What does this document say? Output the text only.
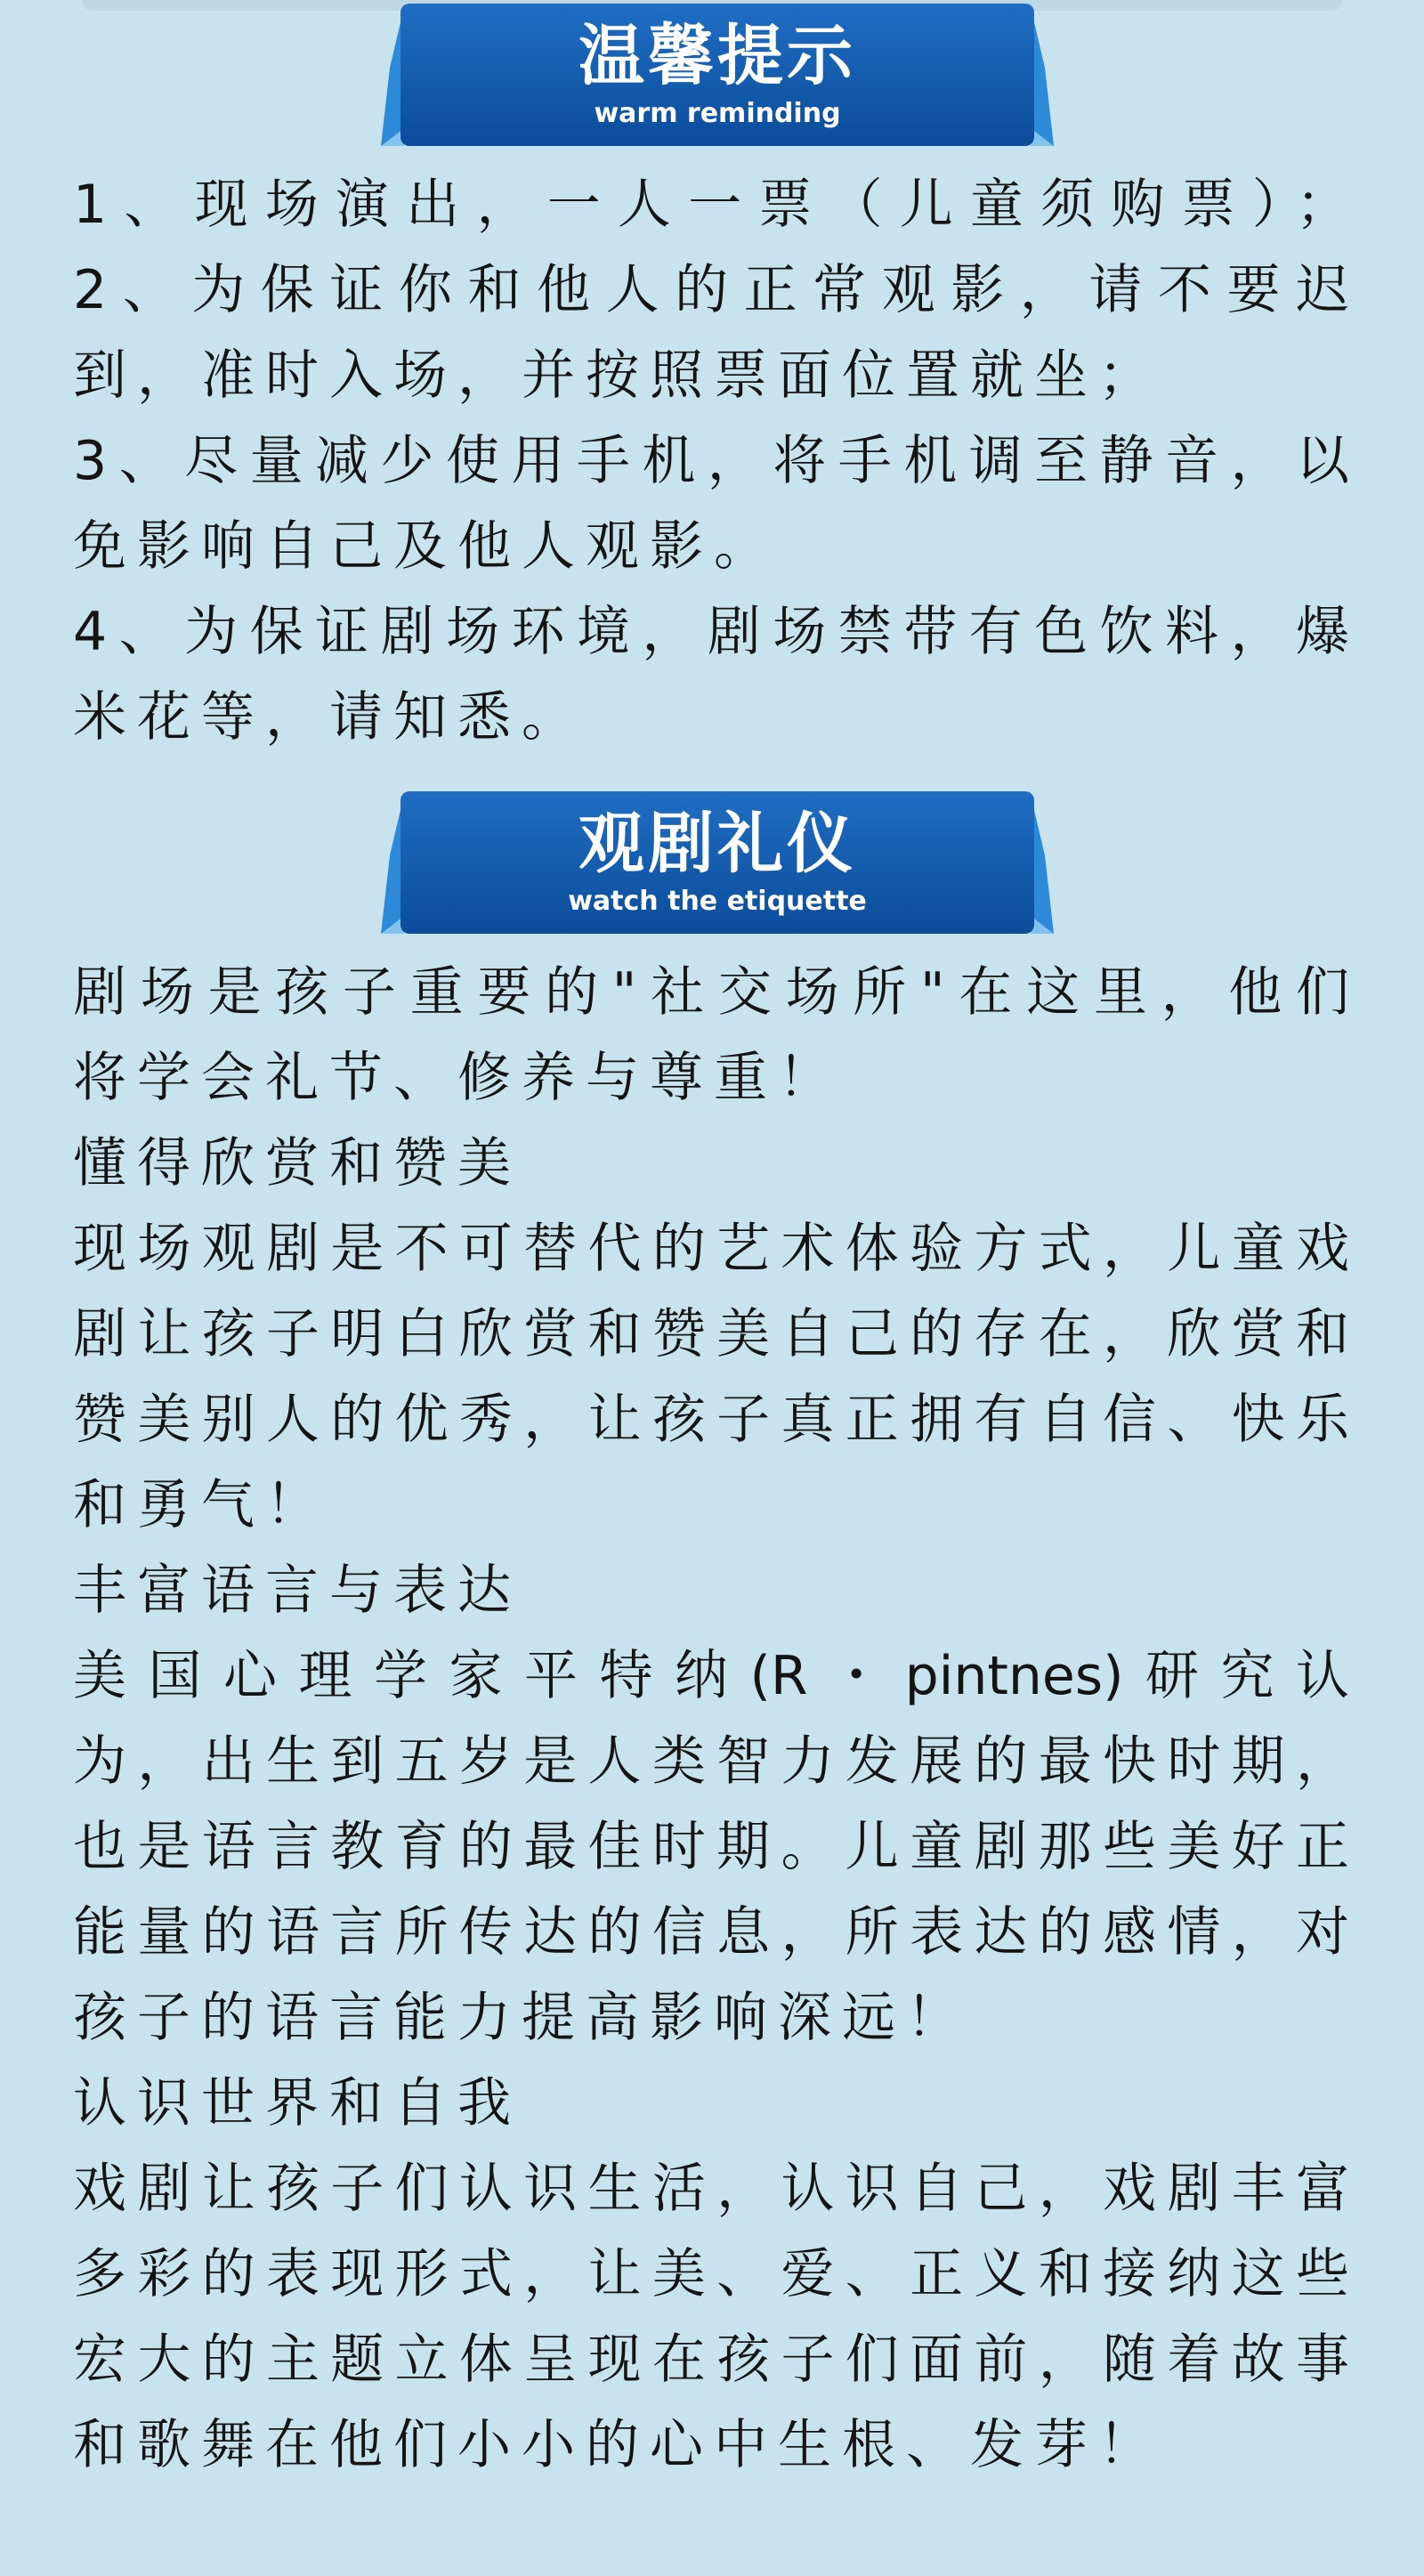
温馨提示
warm reminding
1、现场演出，一人一票（儿童须购票）；
2、为保证你和他人的正常观影，请不要迟
到，准时入场，并按照票面位置就坐；
3、尽量减少使用手机，将手机调至静音，以
免影响自己及他人观影。
4、为保证剧场环境，剧场禁带有色饮料，爆
米花等，请知悉。
观剧礼仪
watch the etiquette
剧场是孩子重要的"社交场所"在这里，他们
将学会礼节、修养与尊重！
懂得欣赏和赞美
现场观剧是不可替代的艺术体验方式，儿童戏
剧让孩子明白欣赏和赞美自己的存在，欣赏和
赞美别人的优秀，让孩子真正拥有自信、快乐
和勇气！
丰富语言与表达
美国心理学家平特纳(R・pintnes)研究认
为，出生到五岁是人类智力发展的最快时期，
也是语言教育的最佳时期。儿童剧那些美好正
能量的语言所传达的信息，所表达的感情，对
孩子的语言能力提高影响深远！
认识世界和自我
戏剧让孩子们认识生活，认识自己，戏剧丰富
多彩的表现形式，让美、爱、正义和接纳这些
宏大的主题立体呈现在孩子们面前，随着故事
和歌舞在他们小小的心中生根、发芽！
